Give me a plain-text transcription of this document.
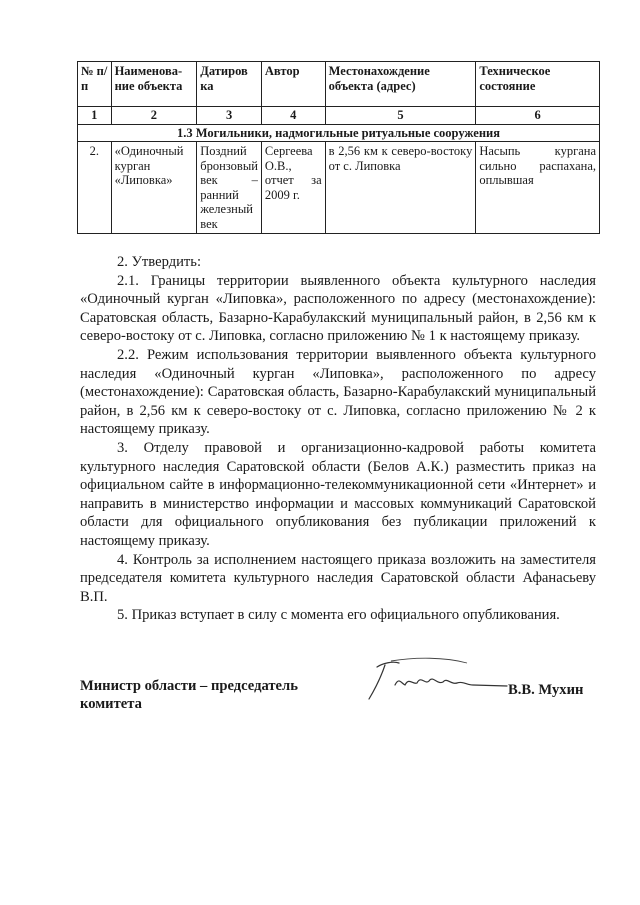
№ п/п	Наименова-ние объекта	Датиров ка	Автор	Местонахождение объекта (адрес)	Техническое состояние
1	2	3	4	5	6
1.3 Могильники, надмогильные ритуальные сооружения					
2.	«Одиночный курган «Липовка»	Поздний бронзовый век – ранний железный век	Сергеева О.В., отчет за 2009 г.	в 2,56 км к северо-востоку от с. Липовка	Насыпь кургана сильно распахана, оплывшая

2. Утвердить:

2.1. Границы территории выявленного объекта культурного наследия «Одиночный курган «Липовка», расположенного по адресу (местонахождение): Саратовская область, Базарно-Карабулакский муниципальный район, в 2,56 км к северо-востоку от с. Липовка, согласно приложению № 1 к настоящему приказу.

2.2. Режим использования территории выявленного объекта культурного наследия «Одиночный курган «Липовка», расположенного по адресу (местонахождение): Саратовская область, Базарно-Карабулакский муниципальный район, в 2,56 км к северо-востоку от с. Липовка, согласно приложению № 2 к настоящему приказу.

3. Отделу правовой и организационно-кадровой работы комитета культурного наследия Саратовской области (Белов А.К.) разместить приказ на официальном сайте в информационно-телекоммуникационной сети «Интернет» и направить в министерство информации и массовых коммуникаций Саратовской области для официального опубликования без публикации приложений к настоящему приказу.

4. Контроль за исполнением настоящего приказа возложить на заместителя председателя комитета культурного наследия Саратовской области Афанасьеву В.П.

5. Приказ вступает в силу с момента его официального опубликования.

Министр области – председатель
комитета
В.В. Мухин
